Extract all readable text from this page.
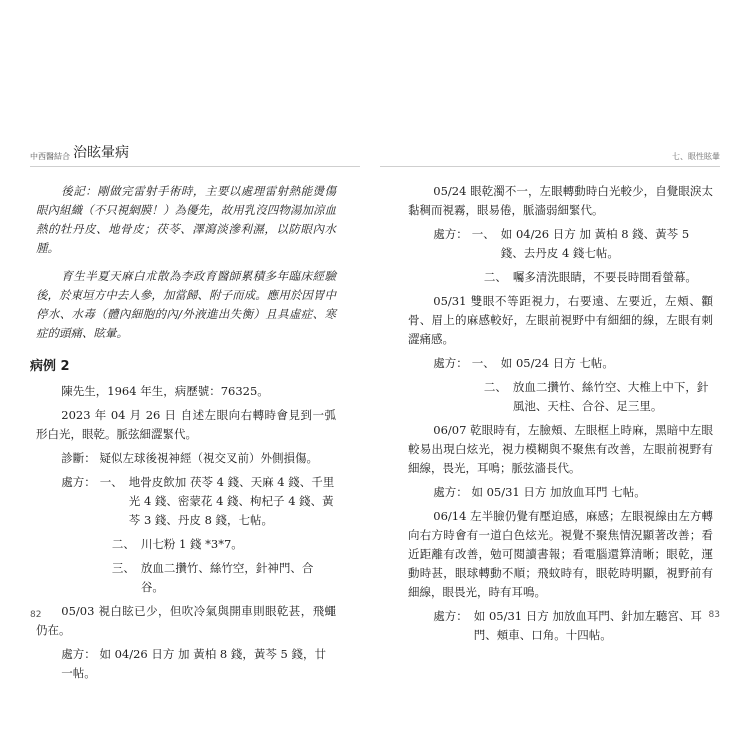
中西醫結合 治眩暈病

後記：剛做完雷射手術時，主要以處理雷射熱能燙傷眼內組織（不只視網膜！）為優先，故用乳沒四物湯加涼血熱的牡丹皮、地骨皮；茯苓、澤瀉淡滲利濕，以防眼內水腫。

育生半夏天麻白朮散為李政育醫師累積多年臨床經驗後，於東垣方中去人參，加當歸、附子而成。應用於因胃中停水、水毒（體內細胞的內/外液進出失衡）且具虛症、寒症的頭痛、眩暈。

病例 2

陳先生，1964 年生，病歷號：76325。

2023 年 04 月 26 日 自述左眼向右轉時會見到一弧形白光，眼乾。脈弦細澀緊代。

診斷： 疑似左球後視神經（視交叉前）外側損傷。

處方： 一、 地骨皮飲加 茯苓 4 錢、天麻 4 錢、千里光 4 錢、密蒙花 4 錢、枸杞子 4 錢、黃芩 3 錢、丹皮 8 錢，七帖。
二、 川七粉 1 錢 *3*7。
三、 放血二攢竹、絲竹空，針神門、合谷。

05/03 視白眩已少，但吹冷氣與開車則眼乾甚，飛蠅仍在。

處方： 如 04/26 日方 加 黃柏 8 錢，黃芩 5 錢，廿一帖。

82
七、眼性眩暈

05/24 眼乾濁不一，左眼轉動時白光較少，自覺眼淚太黏稠而視霧，眼易倦，脈濇弱細緊代。

處方： 一、 如 04/26 日方 加 黃柏 8 錢、黃芩 5 錢、去丹皮 4 錢七帖。
二、 囑多清洗眼睛，不要長時間看螢幕。

05/31 雙眼不等距視力，右要遠、左要近，左頰、顴骨、眉上的麻感較好，左眼前視野中有細細的線，左眼有刺澀痛感。

處方： 一、 如 05/24 日方 七帖。
二、 放血二攢竹、絲竹空、大椎上中下，針風池、天柱、合谷、足三里。

06/07 乾眼時有，左臉頰、左眼框上時麻，黑暗中左眼較易出現白炫光，視力模糊與不聚焦有改善，左眼前視野有細線，畏光，耳鳴；脈弦濇長代。

處方： 如 05/31 日方 加放血耳門 七帖。

06/14 左半臉仍覺有壓迫感，麻感；左眼視線由左方轉向右方時會有一道白色炫光。視覺不聚焦情況顯著改善；看近距離有改善，勉可閱讀書報；看電腦還算清晰；眼乾，運動時甚，眼球轉動不順；飛蚊時有，眼乾時明顯，視野前有細線，眼畏光，時有耳鳴。

處方： 如 05/31 日方 加放血耳門、針加左聽宮、耳門、頰車、口角。十四帖。
83
